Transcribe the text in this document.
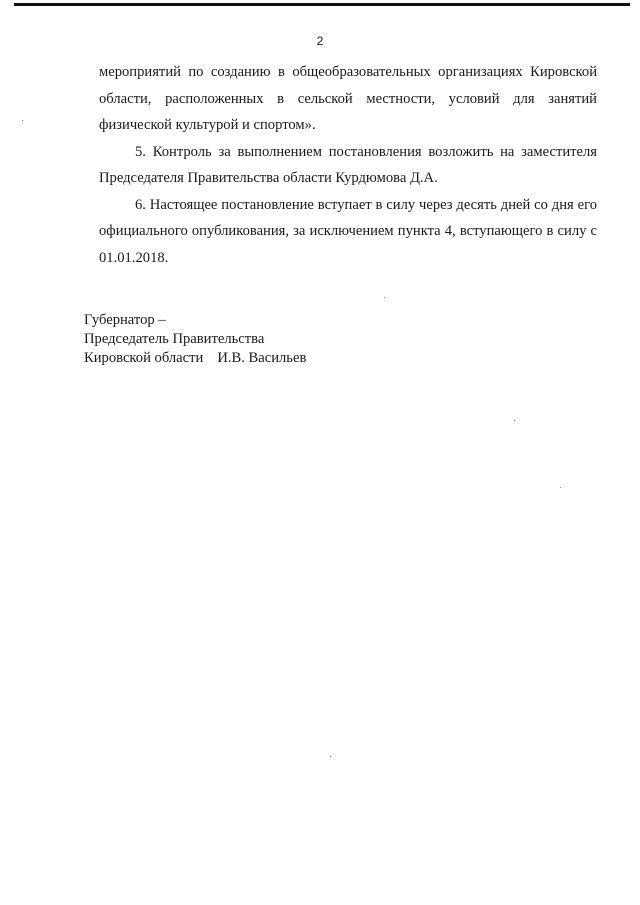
2

мероприятий по созданию в общеобразовательных организациях Кировской области, расположенных в сельской местности, условий для занятий физической культурой и спортом».

5. Контроль за выполнением постановления возложить на заместителя Председателя Правительства области Курдюмова Д.А.

6. Настоящее постановление вступает в силу через десять дней со дня его официального опубликования, за исключением пункта 4, вступающего в силу с 01.01.2018.

Губернатор –
Председатель Правительства
Кировской области И.В. Васильев
